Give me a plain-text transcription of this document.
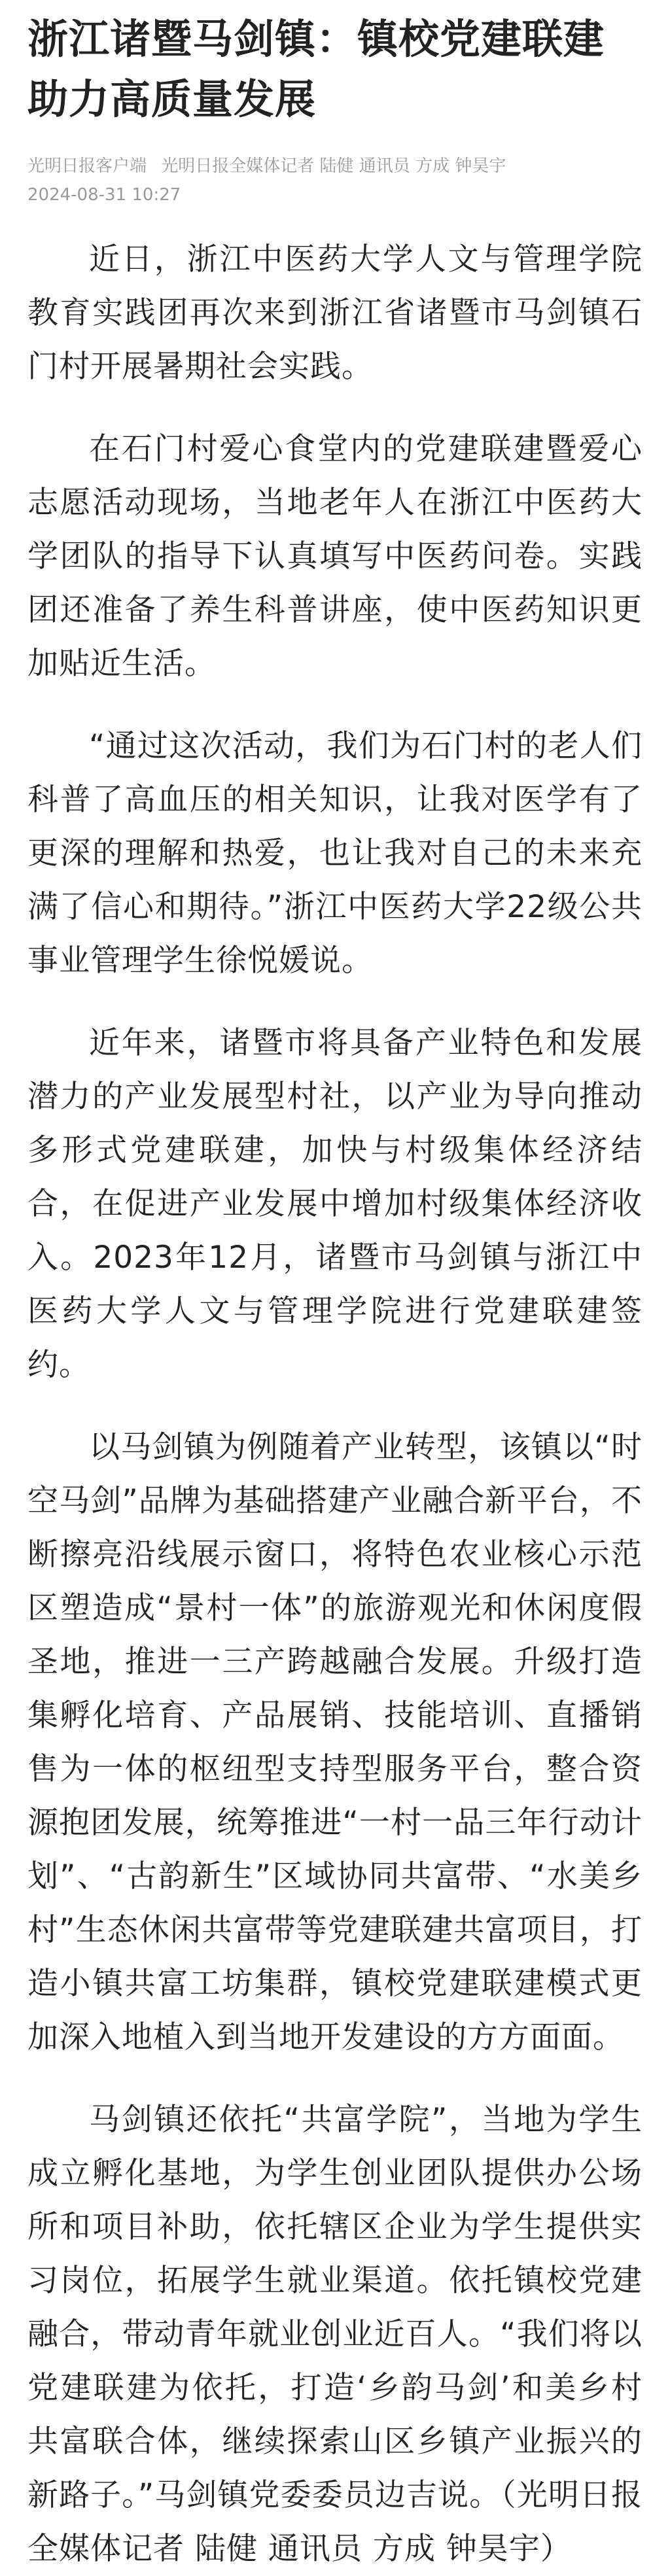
浙江诸暨马剑镇：镇校党建联建助力高质量发展
光明日报客户端 光明日报全媒体记者 陆健 通讯员 方成 钟昊宇
2024-08-31 10:27

近日，浙江中医药大学人文与管理学院教育实践团再次来到浙江省诸暨市马剑镇石门村开展暑期社会实践。

在石门村爱心食堂内的党建联建暨爱心志愿活动现场，当地老年人在浙江中医药大学团队的指导下认真填写中医药问卷。实践团还准备了养生科普讲座，使中医药知识更加贴近生活。

“通过这次活动，我们为石门村的老人们科普了高血压的相关知识，让我对医学有了更深的理解和热爱，也让我对自己的未来充满了信心和期待。”浙江中医药大学22级公共事业管理学生徐悦媛说。

近年来，诸暨市将具备产业特色和发展潜力的产业发展型村社，以产业为导向推动多形式党建联建，加快与村级集体经济结合，在促进产业发展中增加村级集体经济收入。2023年12月，诸暨市马剑镇与浙江中医药大学人文与管理学院进行党建联建签约。

以马剑镇为例随着产业转型，该镇以“时空马剑”品牌为基础搭建产业融合新平台，不断擦亮沿线展示窗口，将特色农业核心示范区塑造成“景村一体”的旅游观光和休闲度假圣地，推进一三产跨越融合发展。升级打造集孵化培育、产品展销、技能培训、直播销售为一体的枢纽型支持型服务平台，整合资源抱团发展，统筹推进“一村一品三年行动计划”、“古韵新生”区域协同共富带、“水美乡村”生态休闲共富带等党建联建共富项目，打造小镇共富工坊集群，镇校党建联建模式更加深入地植入到当地开发建设的方方面面。

马剑镇还依托“共富学院”，当地为学生成立孵化基地，为学生创业团队提供办公场所和项目补助，依托辖区企业为学生提供实习岗位，拓展学生就业渠道。依托镇校党建融合，带动青年就业创业近百人。“我们将以党建联建为依托，打造‘乡韵马剑’和美乡村共富联合体，继续探索山区乡镇产业振兴的新路子。”马剑镇党委委员边吉说。（光明日报全媒体记者 陆健 通讯员 方成 钟昊宇）
